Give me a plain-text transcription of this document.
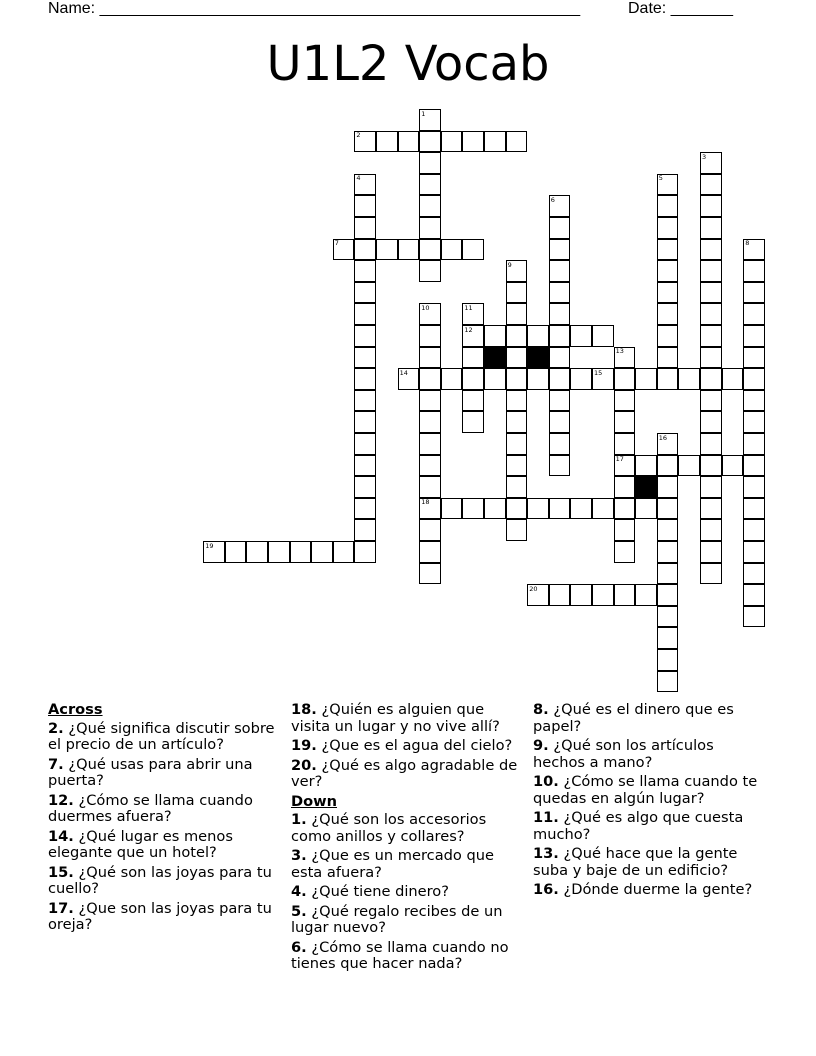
Name: ______________________________________________________	Date: _______
U1L2 Vocab
1
2
3
4	5
6
7	8
9
10	11
12
13
14	15
16
17
18
19
20
Across
2. ¿Qué significa discutir sobre el precio de un artículo?
7. ¿Qué usas para abrir una puerta?
12. ¿Cómo se llama cuando duermes afuera?
14. ¿Qué lugar es menos elegante que un hotel?
15. ¿Qué son las joyas para tu cuello?
17. ¿Que son las joyas para tu oreja?
18. ¿Quién es alguien que visita un lugar y no vive allí?
19. ¿Que es el agua del cielo?
20. ¿Qué es algo agradable de ver?
Down
1. ¿Qué son los accesorios como anillos y collares?
3. ¿Que es un mercado que esta afuera?
4. ¿Qué tiene dinero?
5. ¿Qué regalo recibes de un lugar nuevo?
6. ¿Cómo se llama cuando no tienes que hacer nada?
8. ¿Qué es el dinero que es papel?
9. ¿Qué son los artículos hechos a mano?
10. ¿Cómo se llama cuando te quedas en algún lugar?
11. ¿Qué es algo que cuesta mucho?
13. ¿Qué hace que la gente suba y baje de un edificio?
16. ¿Dónde duerme la gente?
